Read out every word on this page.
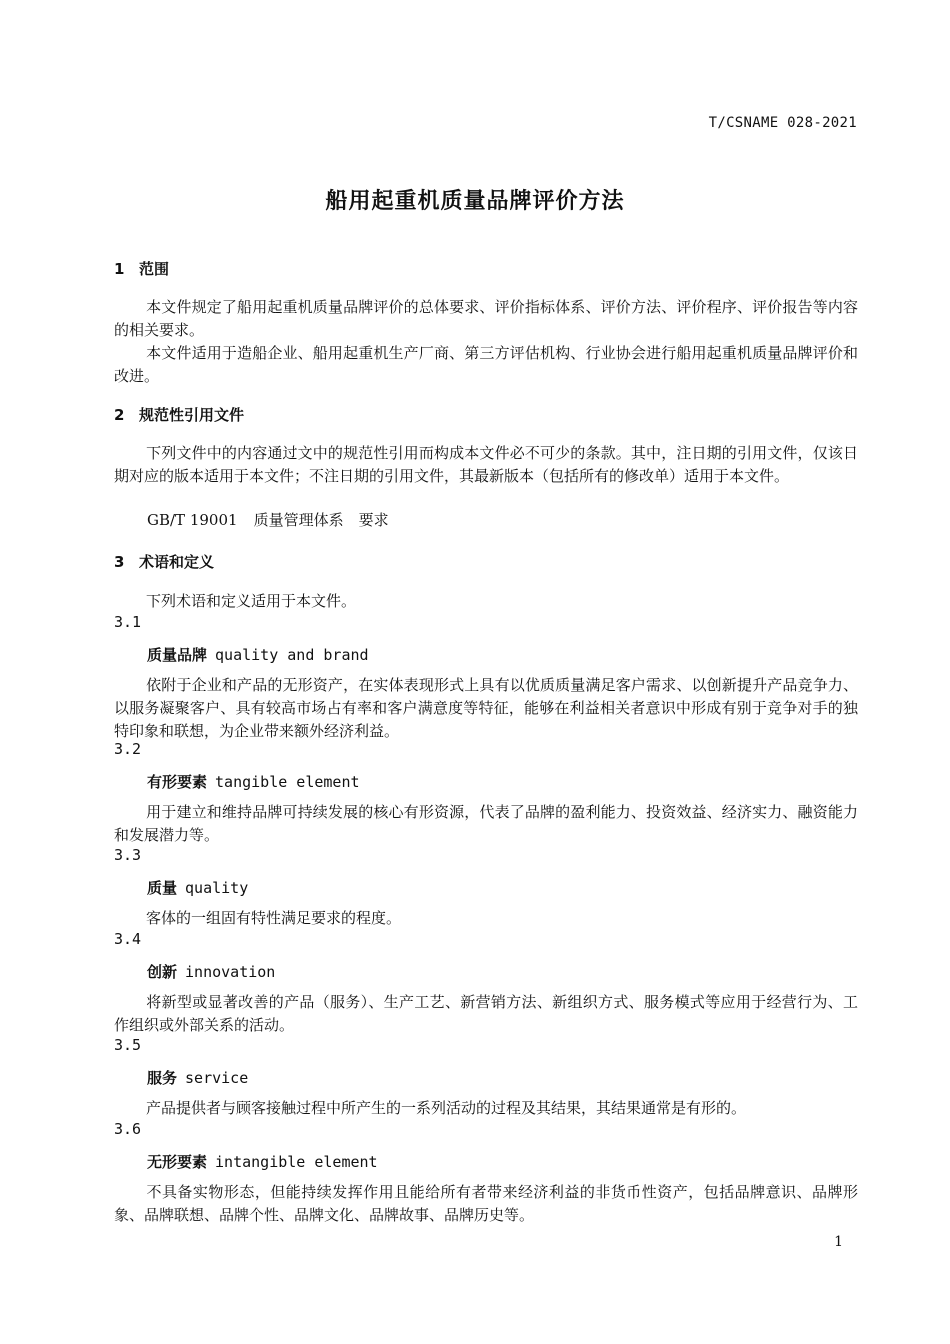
T/CSNAME 028-2021
船用起重机质量品牌评价方法
1 范围
本文件规定了船用起重机质量品牌评价的总体要求、评价指标体系、评价方法、评价程序、评价报告等内容的相关要求。
本文件适用于造船企业、船用起重机生产厂商、第三方评估机构、行业协会进行船用起重机质量品牌评价和改进。
2 规范性引用文件
下列文件中的内容通过文中的规范性引用而构成本文件必不可少的条款。其中，注日期的引用文件，仅该日期对应的版本适用于本文件；不注日期的引用文件，其最新版本（包括所有的修改单）适用于本文件。
GB/T 19001 质量管理体系　要求
3 术语和定义
下列术语和定义适用于本文件。
3.1
质量品牌 quality and brand
依附于企业和产品的无形资产，在实体表现形式上具有以优质质量满足客户需求、以创新提升产品竞争力、以服务凝聚客户、具有较高市场占有率和客户满意度等特征，能够在利益相关者意识中形成有别于竞争对手的独特印象和联想，为企业带来额外经济利益。
3.2
有形要素 tangible element
用于建立和维持品牌可持续发展的核心有形资源，代表了品牌的盈利能力、投资效益、经济实力、融资能力和发展潜力等。
3.3
质量 quality
客体的一组固有特性满足要求的程度。
3.4
创新 innovation
将新型或显著改善的产品（服务）、生产工艺、新营销方法、新组织方式、服务模式等应用于经营行为、工作组织或外部关系的活动。
3.5
服务 service
产品提供者与顾客接触过程中所产生的一系列活动的过程及其结果，其结果通常是有形的。
3.6
无形要素 intangible element
不具备实物形态，但能持续发挥作用且能给所有者带来经济利益的非货币性资产，包括品牌意识、品牌形象、品牌联想、品牌个性、品牌文化、品牌故事、品牌历史等。
1
